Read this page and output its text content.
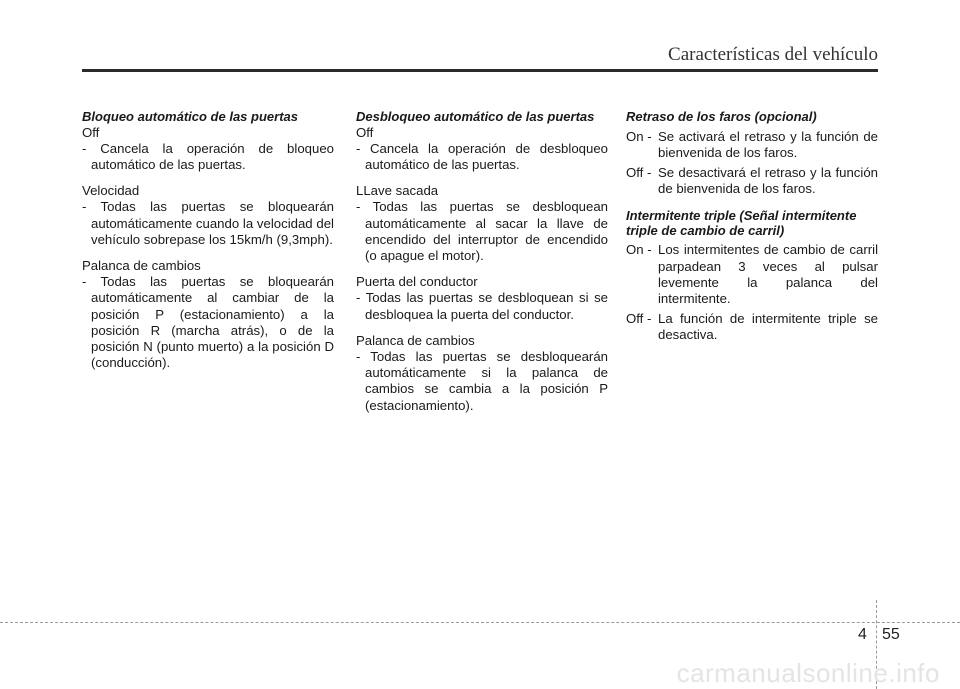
Características del vehículo

Bloqueo automático de las puertas

Off

- Cancela la operación de bloqueo automático de las puertas.

Velocidad

- Todas las puertas se bloquearán automáticamente cuando la velocidad del vehículo sobrepase los 15km/h (9,3mph).

Palanca de cambios

- Todas las puertas se bloquearán automáticamente al cambiar de la posición P (estacionamiento) a la posición R (marcha atrás), o de la posición N (punto muerto) a la posición D (conducción).

Desbloqueo automático de las puertas

Off

- Cancela la operación de desbloqueo automático de las puertas.

LLave sacada

- Todas las puertas se desbloquean automáticamente al sacar la llave de encendido del interruptor de encendido (o apague el motor).

Puerta del conductor

- Todas las puertas se desbloquean si se desbloquea la puerta del conductor.

Palanca de cambios

- Todas las puertas se desbloquearán automáticamente si la palanca de cambios se cambia a la posición P (estacionamiento).

Retraso de los faros (opcional)

On - Se activará el retraso y la función de bienvenida de los faros.
Off - Se desactivará el retraso y la función de bienvenida de los faros.

Intermitente triple (Señal intermitente triple de cambio de carril)

On - Los intermitentes de cambio de carril parpadean 3 veces al pulsar levemente la palanca del intermitente.
Off - La función de intermitente triple se desactiva.
4 55
carmanualsonline.info
